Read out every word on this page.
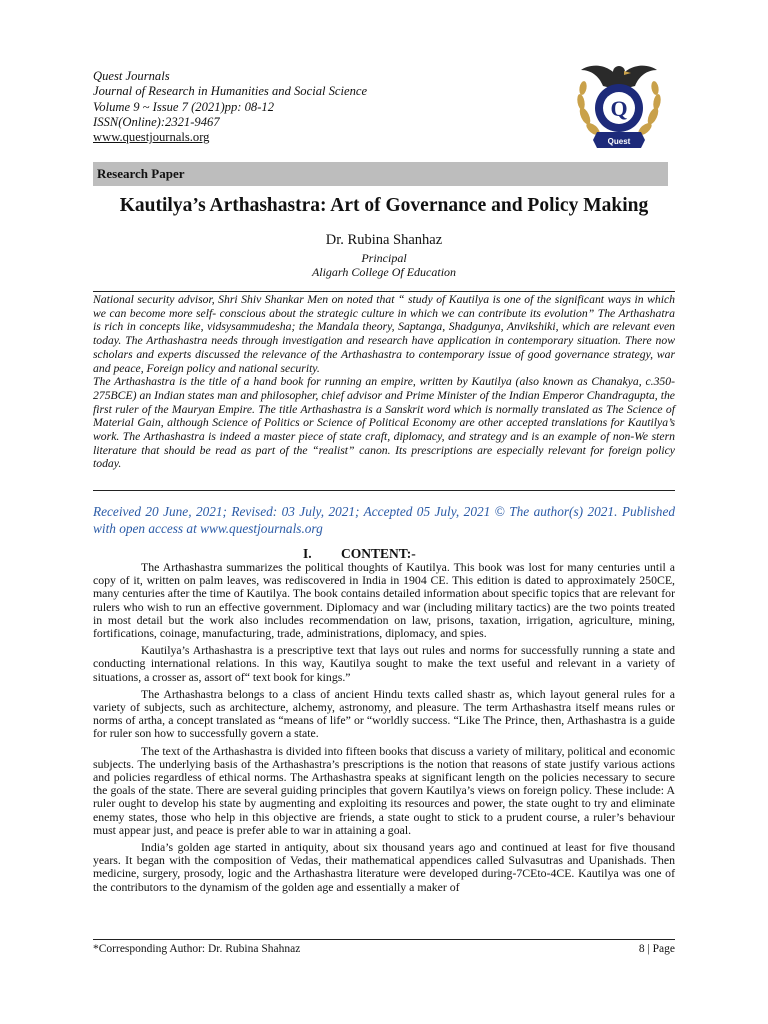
Quest Journals
Journal of Research in Humanities and Social Science
Volume 9 ~ Issue 7 (2021)pp: 08-12
ISSN(Online):2321-9467
www.questjournals.org
Q
Quest
Research Paper
Kautilya’s Arthashastra: Art of Governance and Policy Making
Dr. Rubina Shanhaz
Principal
Aligarh College Of Education

National security advisor, Shri Shiv Shankar Men on noted that “ study of Kautilya is one of the significant ways in which we can become more self- conscious about the strategic culture in which we can contribute its evolution” The Arthashatra is rich in concepts like, vidsysammudesha; the Mandala theory, Saptanga, Shadgunya, Anvikshiki, which are relevant even today. The Arthashastra needs through investigation and research have application in contemporary situation. There now scholars and experts discussed the relevance of the Arthashastra to contemporary issue of good governance strategy, war and peace, Foreign policy and national security.

The Arthashastra is the title of a hand book for running an empire, written by Kautilya (also known as Chanakya, c.350-275BCE) an Indian states man and philosopher, chief advisor and Prime Minister of the Indian Emperor Chandragupta, the first ruler of the Mauryan Empire. The title Arthashastra is a Sanskrit word which is normally translated as The Science of Material Gain, although Science of Politics or Science of Political Economy are other accepted translations for Kautilya’s work. The Arthashastra is indeed a master piece of state craft, diplomacy, and strategy and is an example of non-We stern literature that should be read as part of the “realist” canon. Its prescriptions are especially relevant for foreign policy today.

Received 20 June, 2021; Revised: 03 July, 2021; Accepted 05 July, 2021 © The author(s) 2021. Published with open access at www.questjournals.org
I. CONTENT:-

The Arthashastra summarizes the political thoughts of Kautilya. This book was lost for many centuries until a copy of it, written on palm leaves, was rediscovered in India in 1904 CE. This edition is dated to approximately 250CE, many centuries after the time of Kautilya. The book contains detailed information about specific topics that are relevant for rulers who wish to run an effective government. Diplomacy and war (including military tactics) are the two points treated in most detail but the work also includes recommendation on law, prisons, taxation, irrigation, agriculture, mining, fortifications, coinage, manufacturing, trade, administrations, diplomacy, and spies.

Kautilya’s Arthashastra is a prescriptive text that lays out rules and norms for successfully running a state and conducting international relations. In this way, Kautilya sought to make the text useful and relevant in a variety of situations, a crosser as, assort of“ text book for kings.”

The Arthashastra belongs to a class of ancient Hindu texts called shastr as, which layout general rules for a variety of subjects, such as architecture, alchemy, astronomy, and pleasure. The term Arthashastra itself means rules or norms of artha, a concept translated as “means of life” or “worldly success. “Like The Prince, then, Arthashastra is a guide for ruler son how to successfully govern a state.

The text of the Arthashastra is divided into fifteen books that discuss a variety of military, political and economic subjects. The underlying basis of the Arthashastra’s prescriptions is the notion that reasons of state justify various actions and policies regardless of ethical norms. The Arthashastra speaks at significant length on the policies necessary to secure the goals of the state. There are several guiding principles that govern Kautilya’s views on foreign policy. These include: A ruler ought to develop his state by augmenting and exploiting its resources and power, the state ought to try and eliminate enemy states, those who help in this objective are friends, a state ought to stick to a prudent course, a ruler’s behaviour must appear just, and peace is prefer able to war in attaining a goal.

India’s golden age started in antiquity, about six thousand years ago and continued at least for five thousand years. It began with the composition of Vedas, their mathematical appendices called Sulvasutras and Upanishads. Then medicine, surgery, prosody, logic and the Arthashastra literature were developed during-7CEto-4CE. Kautilya was one of the contributors to the dynamism of the golden age and essentially a maker of

*Corresponding Author: Dr. Rubina Shahnaz	8 | Page
